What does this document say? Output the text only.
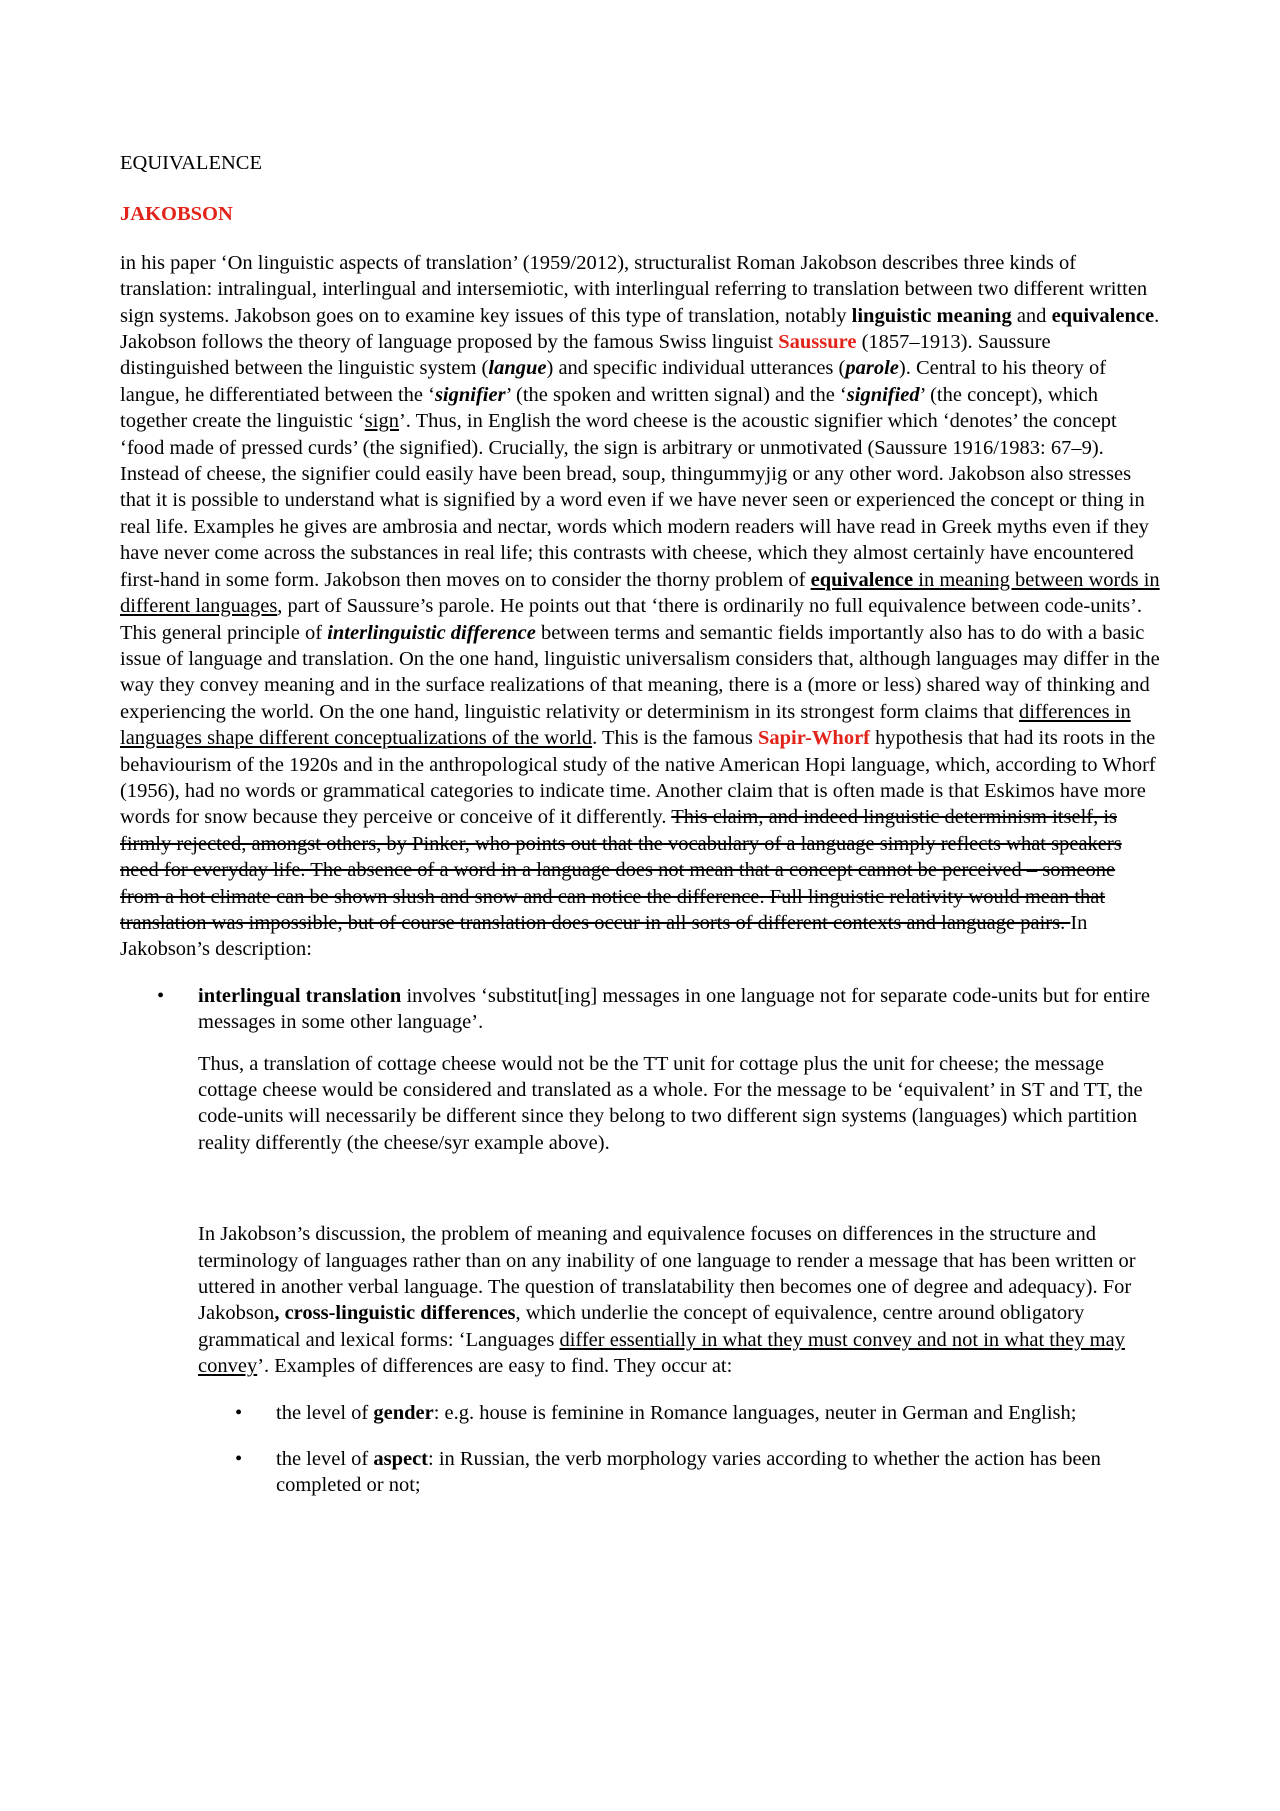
EQUIVALENCE

JAKOBSON

in his paper ‘On linguistic aspects of translation’ (1959/2012), structuralist Roman Jakobson describes three kinds of translation: intralingual, interlingual and intersemiotic, with interlingual referring to translation between two different written sign systems. Jakobson goes on to examine key issues of this type of translation, notably linguistic meaning and equivalence. Jakobson follows the theory of language proposed by the famous Swiss linguist Saussure (1857–1913). Saussure distinguished between the linguistic system (langue) and specific individual utterances (parole). Central to his theory of langue, he differentiated between the ‘signifier’ (the spoken and written signal) and the ‘signified’ (the concept), which together create the linguistic ‘sign’. Thus, in English the word cheese is the acoustic signifier which ‘denotes’ the concept ‘food made of pressed curds’ (the signified). Crucially, the sign is arbitrary or unmotivated (Saussure 1916/1983: 67–9). Instead of cheese, the signifier could easily have been bread, soup, thingummyjig or any other word. Jakobson also stresses that it is possible to understand what is signified by a word even if we have never seen or experienced the concept or thing in real life. Examples he gives are ambrosia and nectar, words which modern readers will have read in Greek myths even if they have never come across the substances in real life; this contrasts with cheese, which they almost certainly have encountered first-hand in some form. Jakobson then moves on to consider the thorny problem of equivalence in meaning between words in different languages, part of Saussure’s parole. He points out that ‘there is ordinarily no full equivalence between code-units’. This general principle of interlinguistic difference between terms and semantic fields importantly also has to do with a basic issue of language and translation. On the one hand, linguistic universalism considers that, although languages may differ in the way they convey meaning and in the surface realizations of that meaning, there is a (more or less) shared way of thinking and experiencing the world. On the one hand, linguistic relativity or determinism in its strongest form claims that differences in languages shape different conceptualizations of the world. This is the famous Sapir-Whorf hypothesis that had its roots in the behaviourism of the 1920s and in the anthropological study of the native American Hopi language, which, according to Whorf (1956), had no words or grammatical categories to indicate time. Another claim that is often made is that Eskimos have more words for snow because they perceive or conceive of it differently. This claim, and indeed linguistic determinism itself, is firmly rejected, amongst others, by Pinker, who points out that the vocabulary of a language simply reflects what speakers need for everyday life. The absence of a word in a language does not mean that a concept cannot be perceived – someone from a hot climate can be shown slush and snow and can notice the difference. Full linguistic relativity would mean that translation was impossible, but of course translation does occur in all sorts of different contexts and language pairs. In Jakobson’s description:

• interlingual translation involves ‘substitut[ing] messages in one language not for separate code-units but for entire messages in some other language’.

Thus, a translation of cottage cheese would not be the TT unit for cottage plus the unit for cheese; the message cottage cheese would be considered and translated as a whole. For the message to be ‘equivalent’ in ST and TT, the code-units will necessarily be different since they belong to two different sign systems (languages) which partition reality differently (the cheese/syr example above).

In Jakobson’s discussion, the problem of meaning and equivalence focuses on differences in the structure and terminology of languages rather than on any inability of one language to render a message that has been written or uttered in another verbal language. The question of translatability then becomes one of degree and adequacy). For Jakobson, cross-linguistic differences, which underlie the concept of equivalence, centre around obligatory grammatical and lexical forms: ‘Languages differ essentially in what they must convey and not in what they may convey’. Examples of differences are easy to find. They occur at:

• the level of gender: e.g. house is feminine in Romance languages, neuter in German and English;
• the level of aspect: in Russian, the verb morphology varies according to whether the action has been completed or not;
